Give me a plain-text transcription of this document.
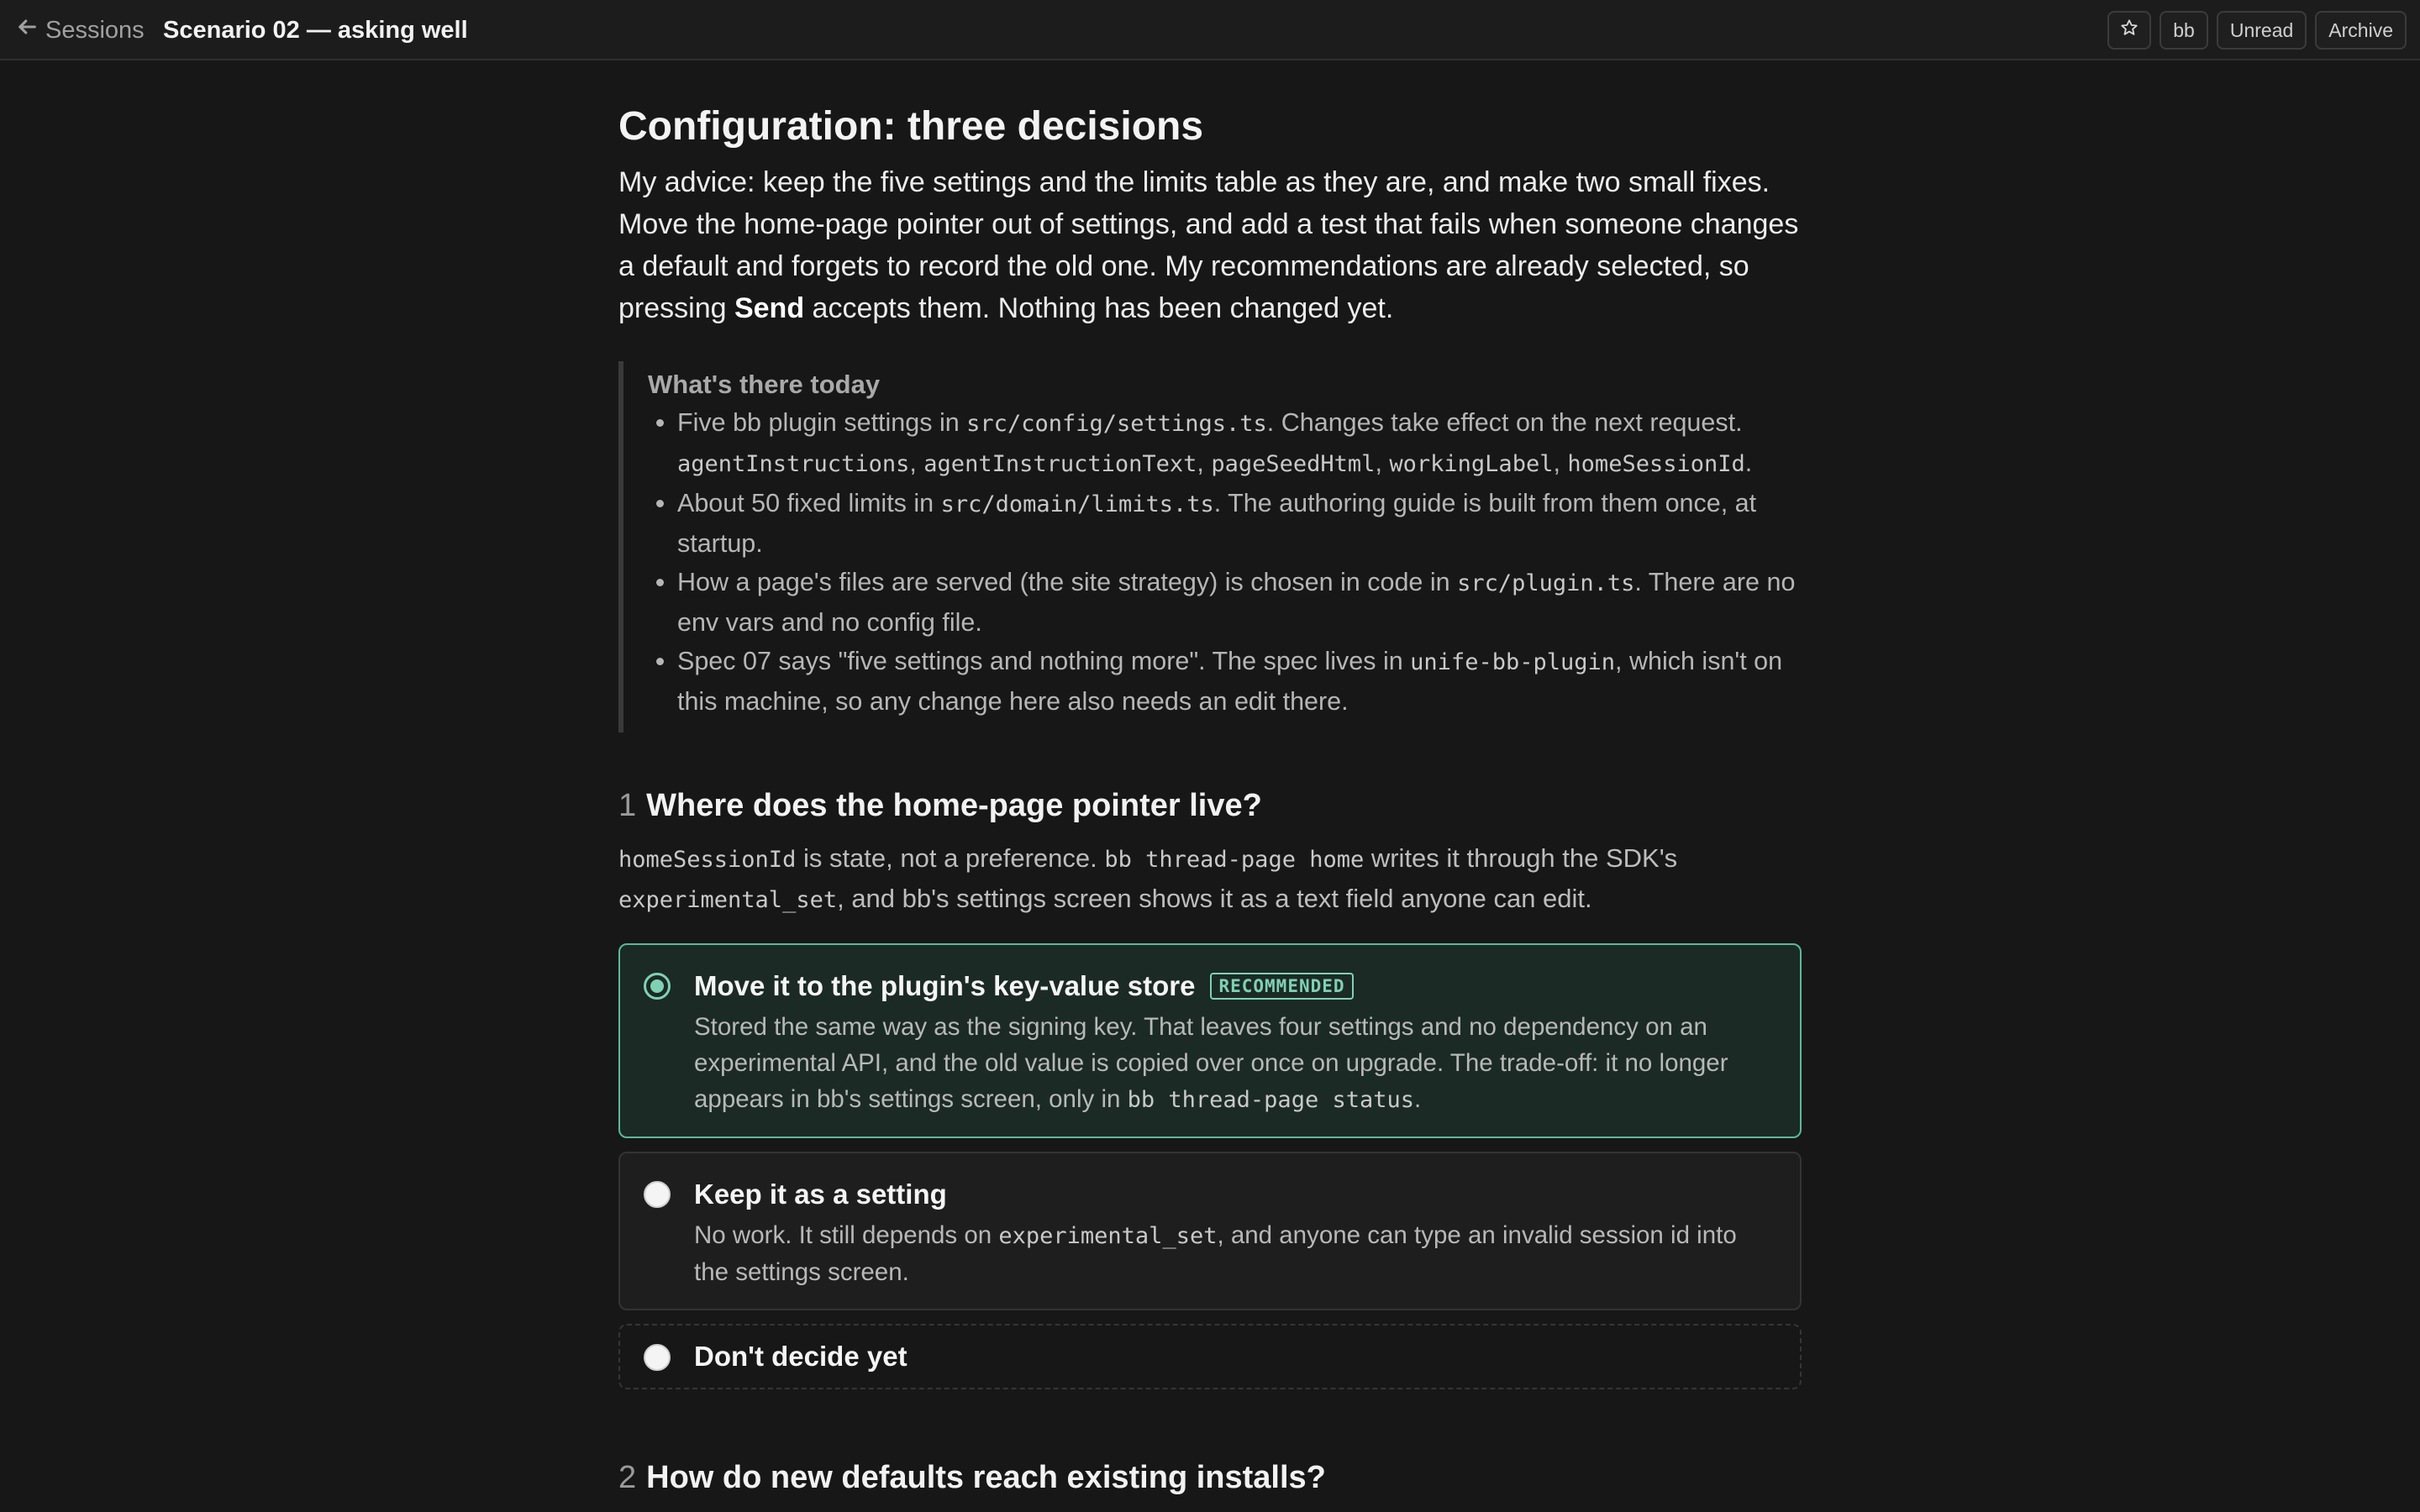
Sessions Scenario 02 — asking well	bb	Unread	Archive
Configuration: three decisions

My advice: keep the five settings and the limits table as they are, and make two small fixes. Move the home-page pointer out of settings, and add a test that fails when someone changes a default and forgets to record the old one. My recommendations are already selected, so pressing Send accepts them. Nothing has been changed yet.

What's there today
• Five bb plugin settings in src/config/settings.ts. Changes take effect on the next request. agentInstructions, agentInstructionText, pageSeedHtml, workingLabel, homeSessionId.
• About 50 fixed limits in src/domain/limits.ts. The authoring guide is built from them once, at startup.
• How a page's files are served (the site strategy) is chosen in code in src/plugin.ts. There are no env vars and no config file.
• Spec 07 says "five settings and nothing more". The spec lives in unife-bb-plugin, which isn't on this machine, so any change here also needs an edit there.
1 Where does the home-page pointer live?
homeSessionId is state, not a preference. bb thread-page home writes it through the SDK's experimental_set, and bb's settings screen shows it as a text field anyone can edit.
Move it to the plugin's key-value store	RECOMMENDED
Stored the same way as the signing key. That leaves four settings and no dependency on an experimental API, and the old value is copied over once on upgrade. The trade-off: it no longer appears in bb's settings screen, only in bb thread-page status.
Keep it as a setting
No work. It still depends on experimental_set, and anyone can type an invalid session id into the settings screen.
Don't decide yet
2 How do new defaults reach existing installs?
